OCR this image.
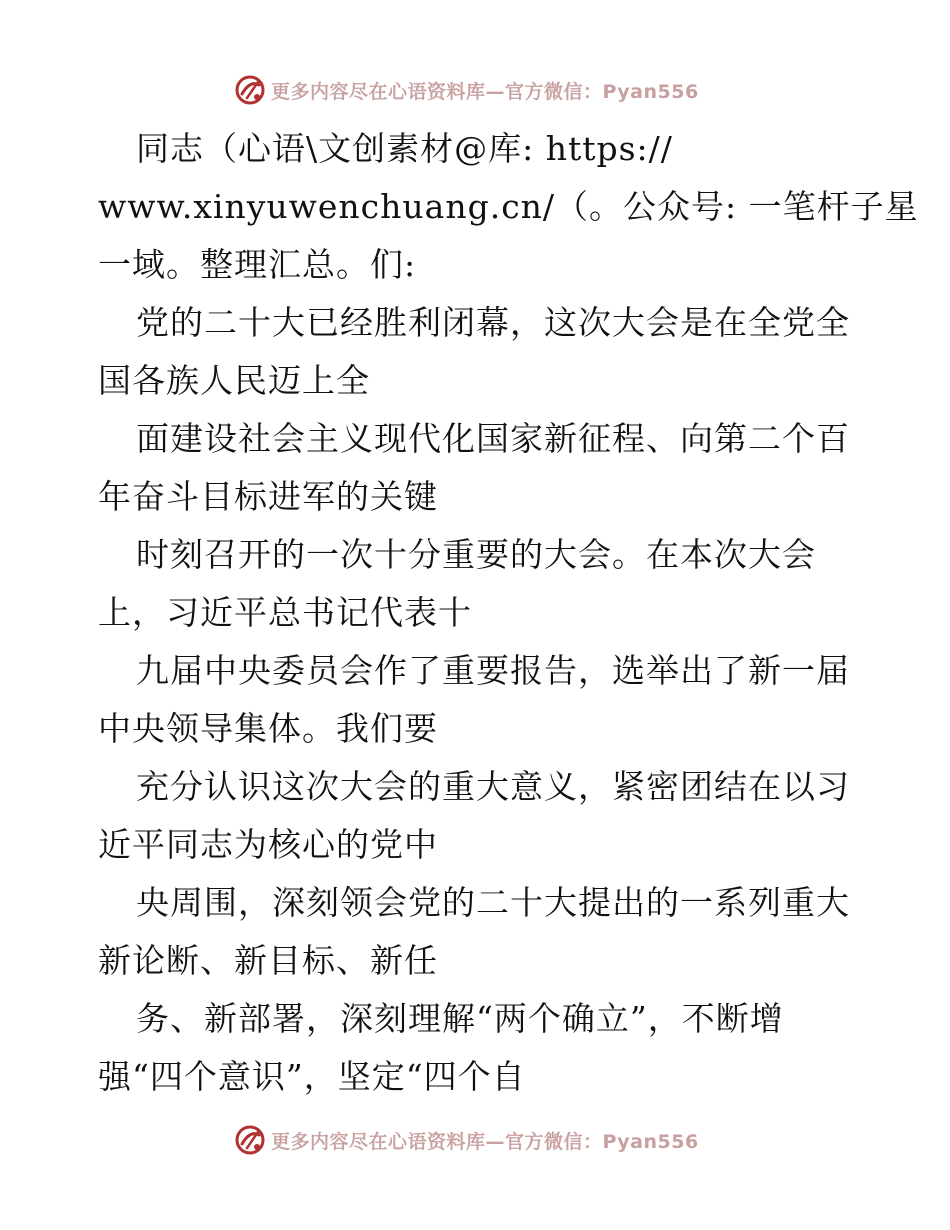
更多内容尽在心语资料库—官方微信：Pyan556
同志（心语\文创素材@库: https://
www.xinyuwenchuang.cn/（。公众号: 一笔杆子星
一域。整理汇总。们:
党的二十大已经胜利闭幕，这次大会是在全党全
国各族人民迈上全
面建设社会主义现代化国家新征程、向第二个百
年奋斗目标进军的关键
时刻召开的一次十分重要的大会。在本次大会
上，习近平总书记代表十
九届中央委员会作了重要报告，选举出了新一届
中央领导集体。我们要
充分认识这次大会的重大意义，紧密团结在以习
近平同志为核心的党中
央周围，深刻领会党的二十大提出的一系列重大
新论断、新目标、新任
务、新部署，深刻理解“两个确立”，不断增
强“四个意识”，坚定“四个自
更多内容尽在心语资料库—官方微信：Pyan556
